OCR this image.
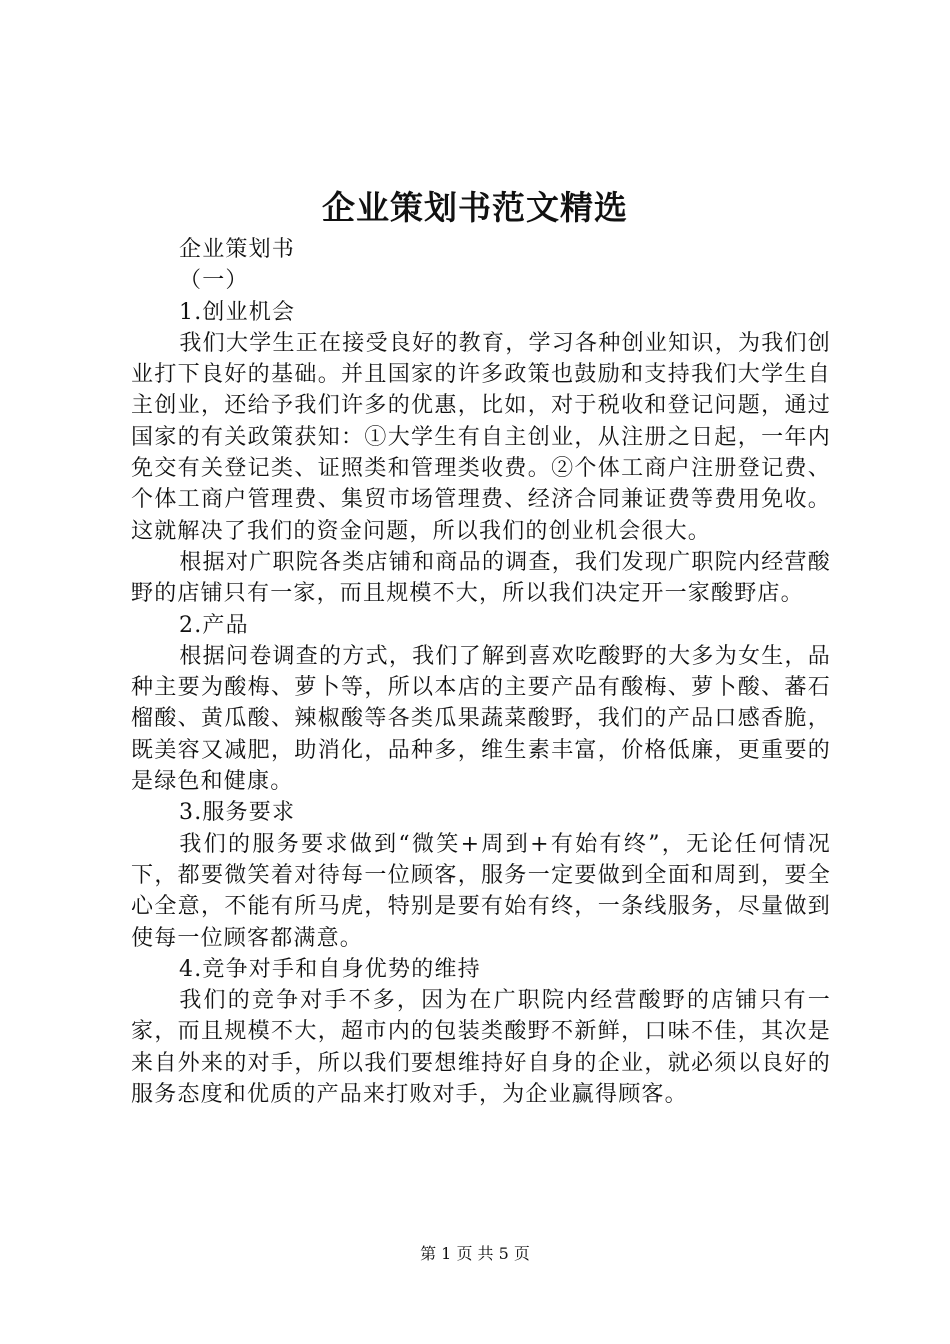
企业策划书范文精选

企业策划书

（一）

1.创业机会

我们大学生正在接受良好的教育，学习各种创业知识，为我们创业打下良好的基础。并且国家的许多政策也鼓励和支持我们大学生自主创业，还给予我们许多的优惠，比如，对于税收和登记问题，通过国家的有关政策获知：①大学生有自主创业，从注册之日起，一年内免交有关登记类、证照类和管理类收费。②个体工商户注册登记费、个体工商户管理费、集贸市场管理费、经济合同兼证费等费用免收。这就解决了我们的资金问题，所以我们的创业机会很大。

根据对广职院各类店铺和商品的调查，我们发现广职院内经营酸野的店铺只有一家，而且规模不大，所以我们决定开一家酸野店。

2.产品

根据问卷调查的方式，我们了解到喜欢吃酸野的大多为女生，品种主要为酸梅、萝卜等，所以本店的主要产品有酸梅、萝卜酸、蕃石榴酸、黄瓜酸、辣椒酸等各类瓜果蔬菜酸野，我们的产品口感香脆，既美容又减肥，助消化，品种多，维生素丰富，价格低廉，更重要的是绿色和健康。

3.服务要求

我们的服务要求做到“微笑+周到+有始有终”，无论任何情况下，都要微笑着对待每一位顾客，服务一定要做到全面和周到，要全心全意，不能有所马虎，特别是要有始有终，一条线服务，尽量做到使每一位顾客都满意。

4.竞争对手和自身优势的维持

我们的竞争对手不多，因为在广职院内经营酸野的店铺只有一家，而且规模不大，超市内的包装类酸野不新鲜，口味不佳，其次是来自外来的对手，所以我们要想维持好自身的企业，就必须以良好的服务态度和优质的产品来打败对手，为企业赢得顾客。

第 1 页 共 5 页
